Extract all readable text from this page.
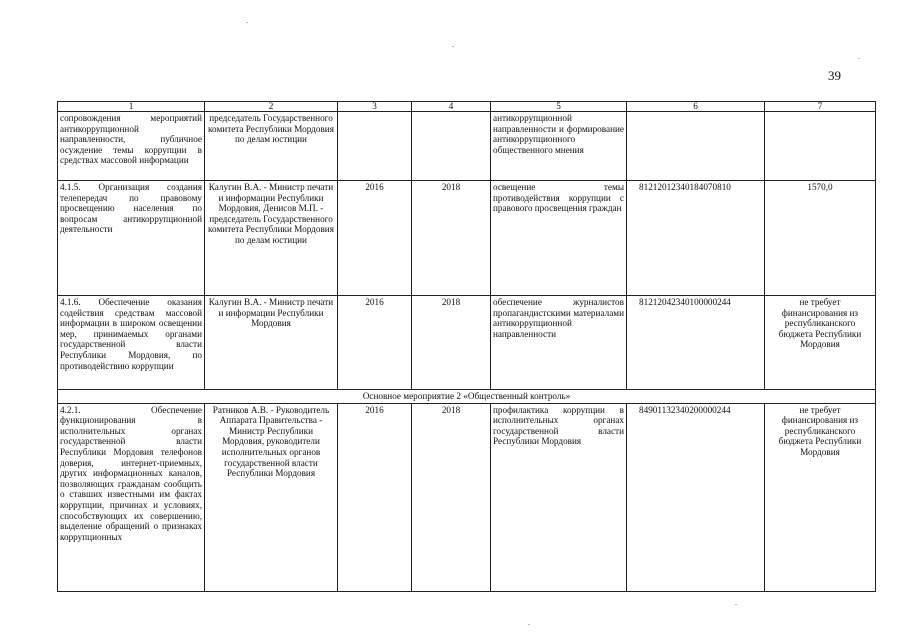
39
1	2	3	4	5	6	7
сопровождения мероприятий антикоррупционной направленности, публичное осуждение темы коррупции в средствах массовой информации	председатель Государственного комитета Республики Мордовия по делам юстиции			антикоррупционной направленности и формирование антикоррупционного общественного мнения		
4.1.5. Организация создания телепередач по правовому просвещению населения по вопросам антикоррупционной деятельности	Калугин В.А. - Министр печати и информации Республики Мордовия, Денисов М.П. - председатель Государственного комитета Республики Мордовия по делам юстиции	2016	2018	освещение темы противодействия коррупции с правового просвещения граждан	81212012340184070810	1570,0
4.1.6. Обеспечение оказания содействия средствам массовой информации в широком освещении мер, принимаемых органами государственной власти Республики Мордовия, по противодействию коррупции	Калугин В.А. - Министр печати и информации Республики Мордовия	2016	2018	обеспечение журналистов пропагандистскими материалами антикоррупционной направленности	81212042340100000244	не требует финансирования из республиканского бюджета Республики Мордовия
Основное мероприятие 2 «Общественный контроль»						
4.2.1. Обеспечение функционирования в исполнительных органах государственной власти Республики Мордовия телефонов доверия, интернет-приемных, других информационных каналов, позволяющих гражданам сообщить о ставших известными им фактах коррупции, причинах и условиях, способствующих их совершению, выделение обращений о признаках коррупционных	Ратников А.В. - Руководитель Аппарата Правительства - Министр Республики Мордовия, руководители исполнительных органов государственной власти Республики Мордовия	2016	2018	профилактика коррупции в исполнительных органах государственной власти Республики Мордовия	84901132340200000244	не требует финансирования из республиканского бюджета Республики Мордовия
